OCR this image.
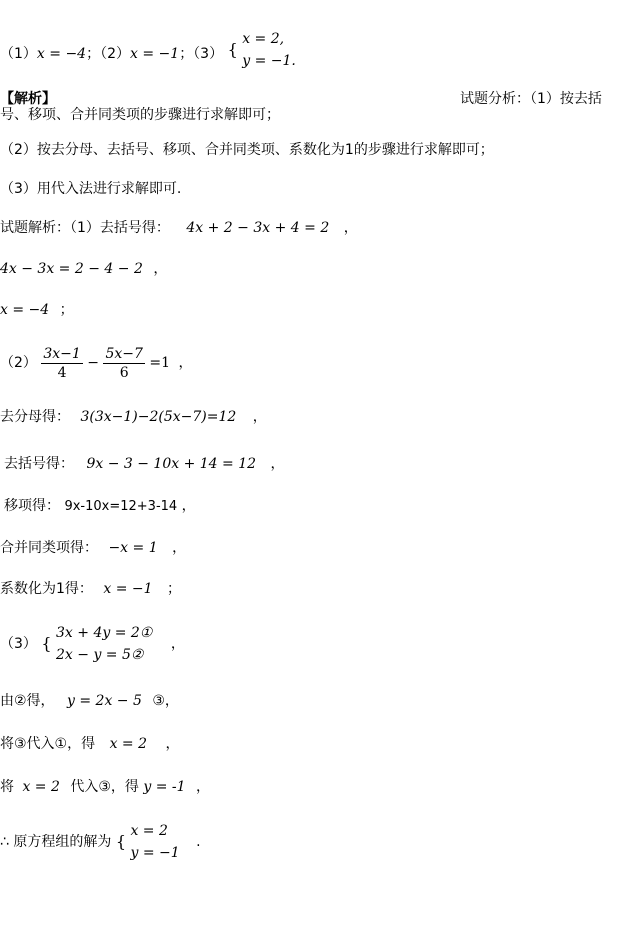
（1）x = −4；（2）x = −1；（3） {
x = 2,
y = −1.
【解析】	试题分析：（1）按去括
号、移项、合并同类项的步骤进行求解即可；
（2）按去分母、去括号、移项、合并同类项、系数化为1的步骤进行求解即可；
（3）用代入法进行求解即可.
试题解析：（1）去括号得： 4x + 2 − 3x + 4 = 2 ，
4x − 3x = 2 − 4 − 2 ，
x = −4 ；
$(2) \frac{3x-1}{4} - \frac{5x-7}{6} =1$ ，
去分母得： 3(3x−1)−2(5x−7)=12 ，
去括号得： 9x − 3 − 10x + 14 = 12 ，
移项得： 9x-10x=12+3-14 ，
合并同类项得： −x = 1 ，
系数化为1得： x = −1 ；
（3） {
3x + 4y = 2①
2x − y = 5②
，
由②得， y = 2x − 5 ③，
将③代入①，得 x = 2 ，
将 x = 2 代入③，得 y = -1 ，
∴ 原方程组的解为 {
x = 2
y = −1
.
